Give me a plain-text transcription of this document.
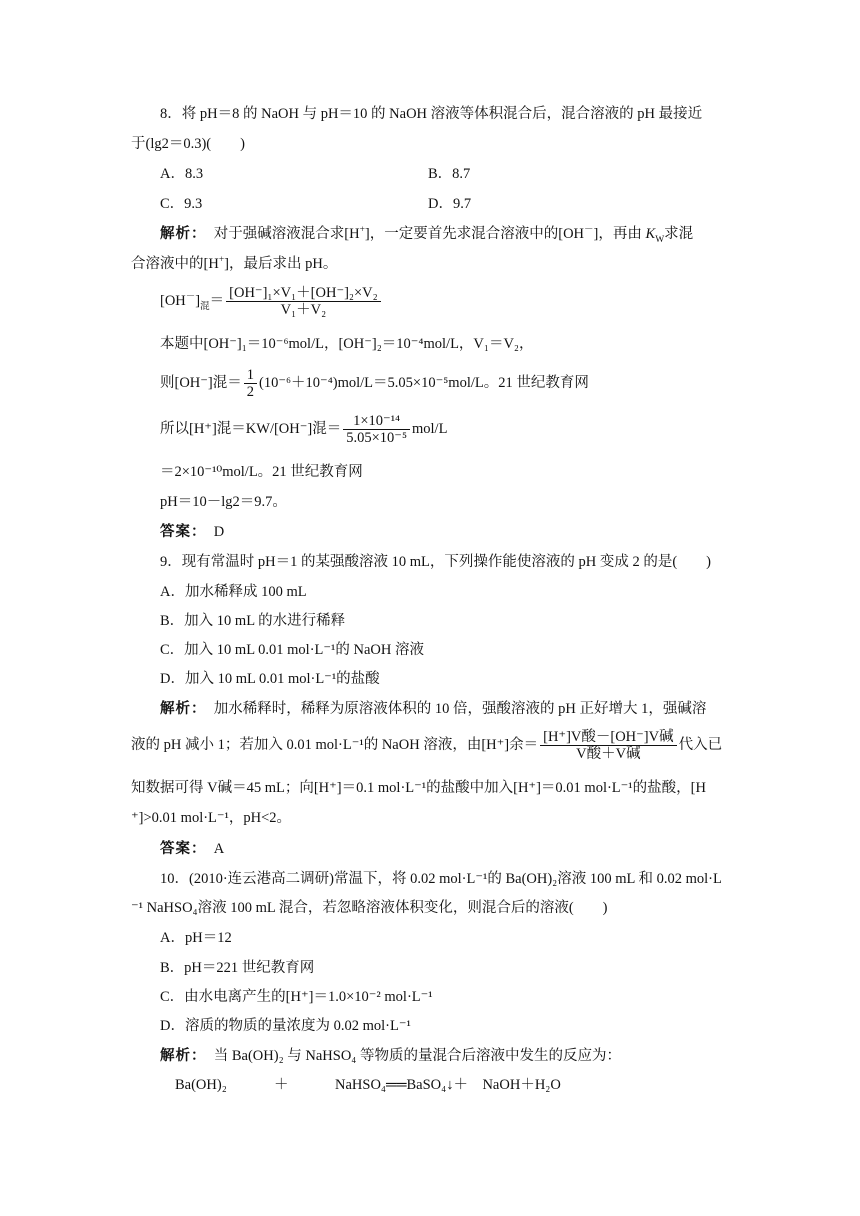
8．将 pH＝8 的 NaOH 与 pH＝10 的 NaOH 溶液等体积混合后，混合溶液的 pH 最接近
于(lg2＝0.3)(　　)
A．8.3	B．8.7
C．9.3	D．9.7
解析：　对于强碱溶液混合求[H+]，一定要首先求混合溶液中的[OH－]，再由 $K_W$求混
合溶液中的[H+]，最后求出 pH。
$[OH^-]_混= \frac{\text{[OH⁻]₁×V₁＋[OH⁻]₂×V₂}}{\text{V₁＋V₂}}$
本题中[OH⁻]₁＝10⁻⁶mol/L，[OH⁻]₂＝10⁻⁴mol/L，V₁＝V₂，
则[OH⁻]混＝ $\frac{1}{2} (10^{-6}+10^{-4})mol/L=5.05\times 10^{-5}mol/L$。21 世纪教育网
所以[H⁺]混＝KW/[OH⁻]混＝ $\frac{\text{1×10⁻¹⁴}}{\text{5.05×10⁻⁵}} mol/L$
＝2×10⁻¹⁰mol/L。21 世纪教育网
pH＝10－lg2＝9.7。
答案：　D
9．现有常温时 pH＝1 的某强酸溶液 10 mL，下列操作能使溶液的 pH 变成 2 的是(　　)
A．加水稀释成 100 mL
B．加入 10 mL 的水进行稀释
C．加入 10 mL 0.01 mol·L⁻¹的 NaOH 溶液
D．加入 10 mL 0.01 mol·L⁻¹的盐酸
解析：　加水稀释时，稀释为原溶液体积的 10 倍，强酸溶液的 pH 正好增大 1，强碱溶
液的 pH 减小 1；若加入 0.01 mol·L⁻¹的 NaOH 溶液，由[H⁺]余＝ $\frac{\text{[H⁺]V酸－[OH⁻]V碱}}{\text{V酸＋V碱}}$ 代入已
知数据可得 V碱＝45 mL；向[H⁺]＝0.1 mol·L⁻¹的盐酸中加入[H⁺]＝0.01 mol·L⁻¹的盐酸，[H
⁺]>0.01 mol·L⁻¹，pH<2。
答案：　A
10．(2010·连云港高二调研)常温下，将 0.02 mol·L⁻¹的 Ba(OH)₂溶液 100 mL 和 0.02 mol·L
⁻¹ NaHSO₄溶液 100 mL 混合，若忽略溶液体积变化，则混合后的溶液(　　)
A．pH＝12
B．pH＝221 世纪教育网
C．由水电离产生的[H⁺]＝1.0×10⁻² mol·L⁻¹
D．溶质的物质的量浓度为 0.02 mol·L⁻¹
解析：　当 Ba(OH)₂ 与 NaHSO₄ 等物质的量混合后溶液中发生的反应为：
Ba(OH)₂	＋	NaHSO₄══BaSO₄↓＋　NaOH＋H₂O
